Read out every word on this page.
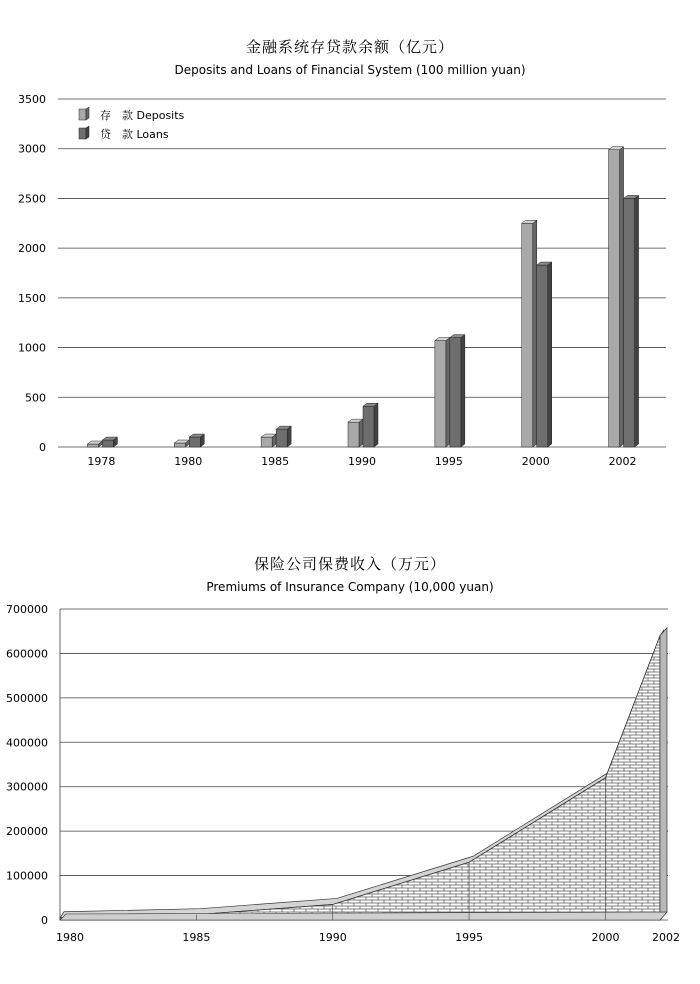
金融系统存贷款余额（亿元）
Deposits and Loans of Financial System (100 million yuan)
保险公司保费收入（万元）
Premiums of Insurance Company (10,000 yuan)
0
500
1000
1500
2000
2500
3000
3500
1978	1980	1985	1990	1995	2000	2002
存　款 Deposits
贷　款 Loans
0
100000
200000
300000
400000
500000
600000
700000
1980	1985	1990	1995	2000	2002
